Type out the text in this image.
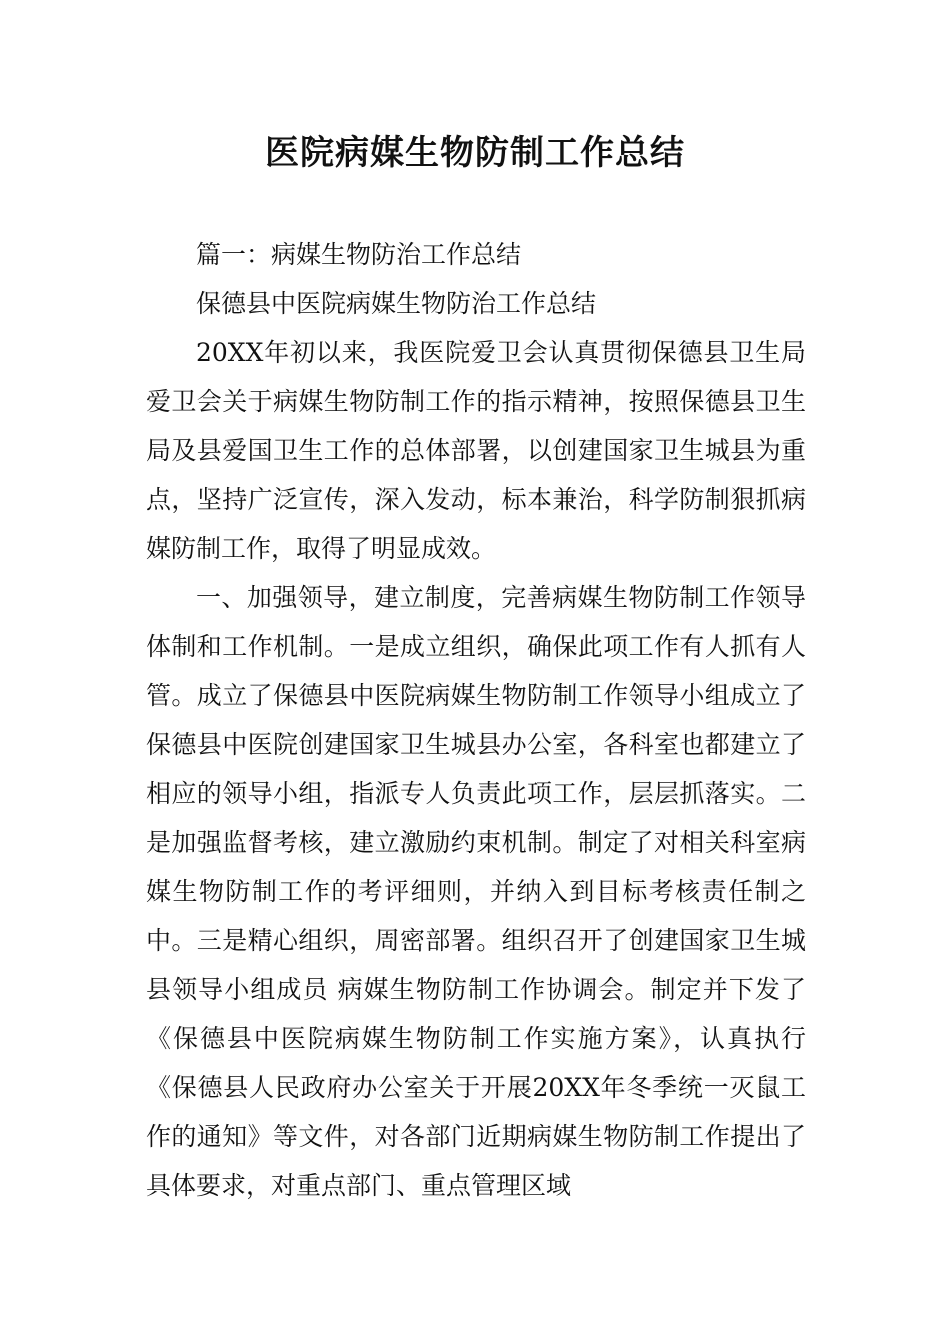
医院病媒生物防制工作总结

篇一：病媒生物防治工作总结

保德县中医院病媒生物防治工作总结

20XX年初以来，我医院爱卫会认真贯彻保德县卫生局爱卫会关于病媒生物防制工作的指示精神，按照保德县卫生局及县爱国卫生工作的总体部署，以创建国家卫生城县为重点，坚持广泛宣传，深入发动，标本兼治，科学防制狠抓病媒防制工作，取得了明显成效。

一、加强领导，建立制度，完善病媒生物防制工作领导体制和工作机制。一是成立组织，确保此项工作有人抓有人管。成立了保德县中医院病媒生物防制工作领导小组成立了保德县中医院创建国家卫生城县办公室，各科室也都建立了相应的领导小组，指派专人负责此项工作，层层抓落实。二是加强监督考核，建立激励约束机制。制定了对相关科室病媒生物防制工作的考评细则，并纳入到目标考核责任制之中。三是精心组织，周密部署。组织召开了创建国家卫生城县领导小组成员 病媒生物防制工作协调会。制定并下发了《保德县中医院病媒生物防制工作实施方案》，认真执行《保德县人民政府办公室关于开展20XX年冬季统一灭鼠工作的通知》等文件，对各部门近期病媒生物防制工作提出了具体要求，对重点部门、重点管理区域
